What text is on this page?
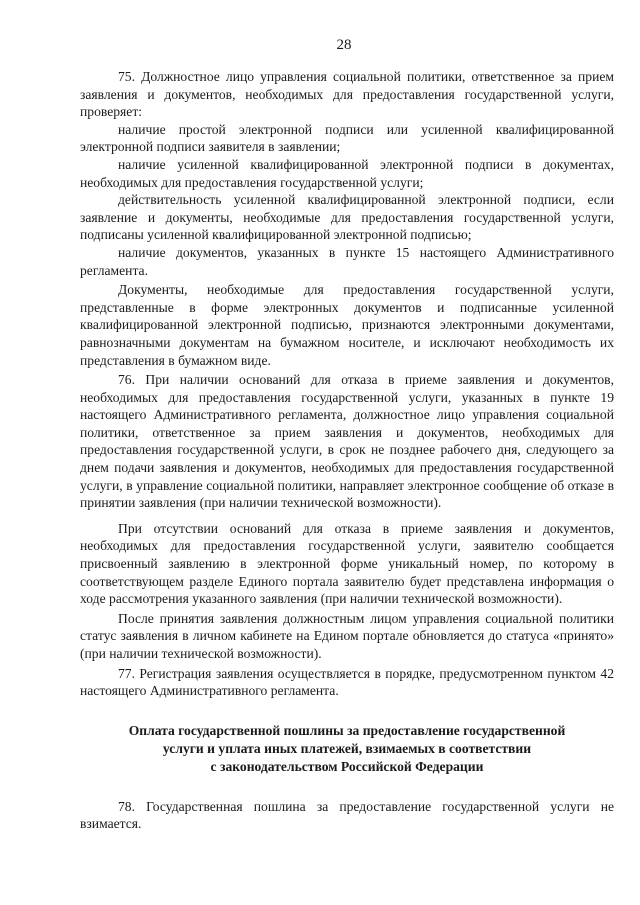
28

75. Должностное лицо управления социальной политики, ответственное за прием заявления и документов, необходимых для предоставления государственной услуги, проверяет:

наличие простой электронной подписи или усиленной квалифицированной электронной подписи заявителя в заявлении;

наличие усиленной квалифицированной электронной подписи в документах, необходимых для предоставления государственной услуги;

действительность усиленной квалифицированной электронной подписи, если заявление и документы, необходимые для предоставления государственной услуги, подписаны усиленной квалифицированной электронной подписью;

наличие документов, указанных в пункте 15 настоящего Административного регламента.

Документы, необходимые для предоставления государственной услуги, представленные в форме электронных документов и подписанные усиленной квалифицированной электронной подписью, признаются электронными документами, равнозначными документам на бумажном носителе, и исключают необходимость их представления в бумажном виде.

76. При наличии оснований для отказа в приеме заявления и документов, необходимых для предоставления государственной услуги, указанных в пункте 19 настоящего Административного регламента, должностное лицо управления социальной политики, ответственное за прием заявления и документов, необходимых для предоставления государственной услуги, в срок не позднее рабочего дня, следующего за днем подачи заявления и документов, необходимых для предоставления государственной услуги, в управление социальной политики, направляет электронное сообщение об отказе в принятии заявления (при наличии технической возможности).

При отсутствии оснований для отказа в приеме заявления и документов, необходимых для предоставления государственной услуги, заявителю сообщается присвоенный заявлению в электронной форме уникальный номер, по которому в соответствующем разделе Единого портала заявителю будет представлена информация о ходе рассмотрения указанного заявления (при наличии технической возможности).

После принятия заявления должностным лицом управления социальной политики статус заявления в личном кабинете на Едином портале обновляется до статуса «принято» (при наличии технической возможности).

77. Регистрация заявления осуществляется в порядке, предусмотренном пунктом 42 настоящего Административного регламента.

Оплата государственной пошлины за предоставление государственной
услуги и уплата иных платежей, взимаемых в соответствии
с законодательством Российской Федерации

78. Государственная пошлина за предоставление государственной услуги не взимается.
